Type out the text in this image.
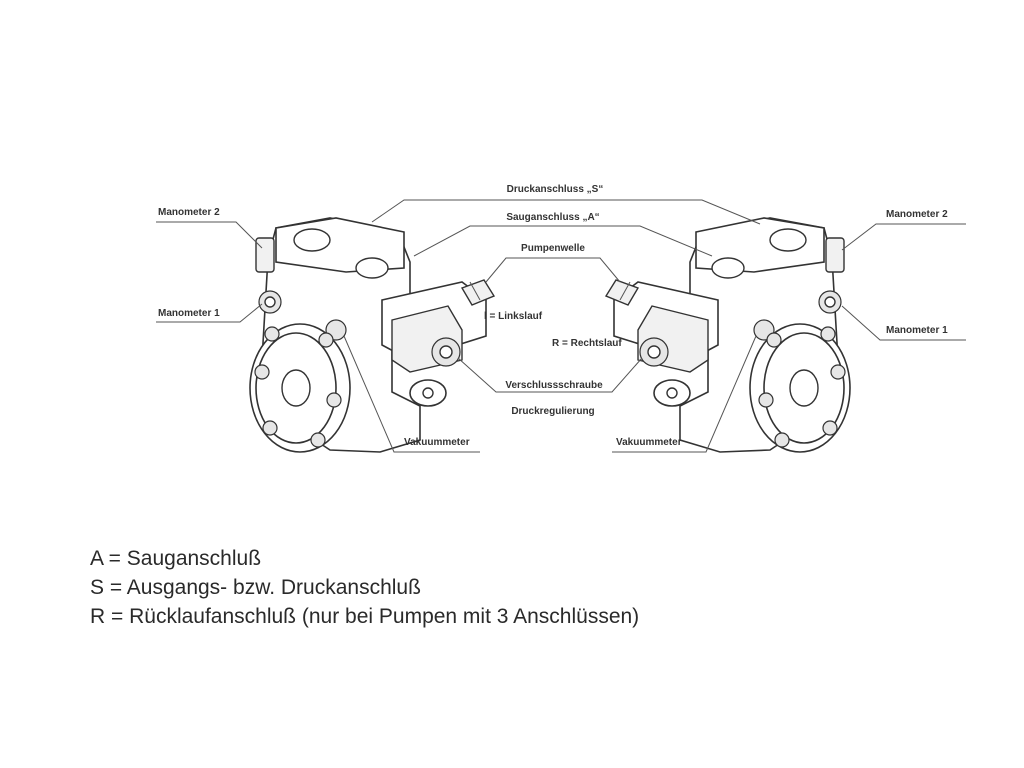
Druckanschluss „S“
Sauganschluss „A“
Pumpenwelle
l = Linkslauf
R = Rechtslauf
Verschlussschraube
Druckregulierung
Manometer 2
Manometer 1
Manometer 2
Manometer 1
Vakuummeter	Vakuummeter
A = Sauganschluß
S = Ausgangs- bzw. Druckanschluß
R = Rücklaufanschluß (nur bei Pumpen mit 3 Anschlüssen)
